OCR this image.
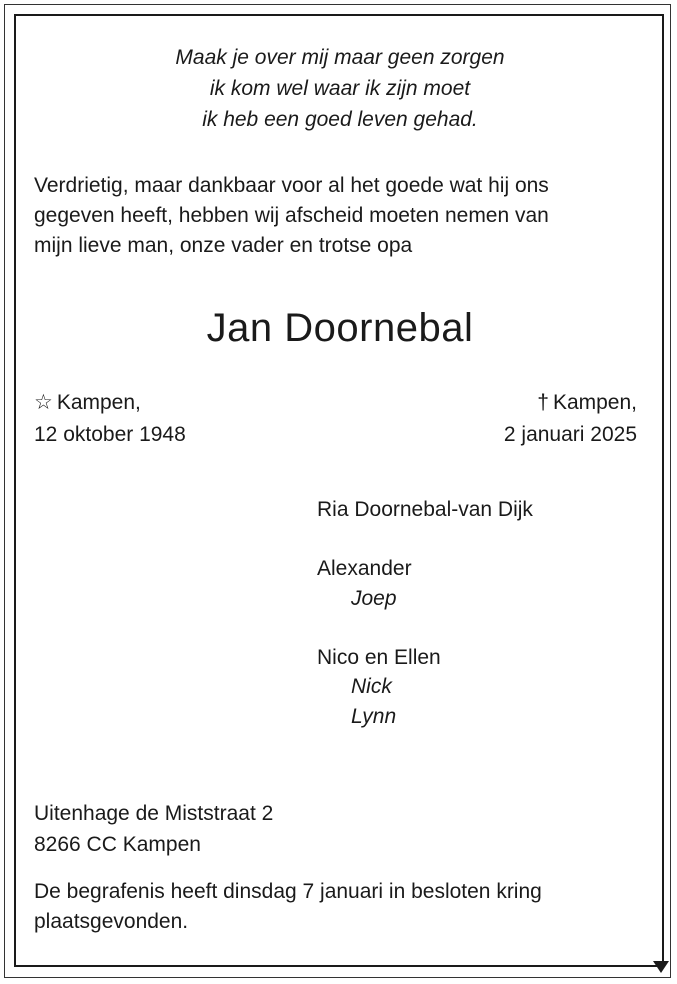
Maak je over mij maar geen zorgen
ik kom wel waar ik zijn moet
ik heb een goed leven gehad.
Verdrietig, maar dankbaar voor al het goede wat hij ons
gegeven heeft, hebben wij afscheid moeten nemen van
mijn lieve man, onze vader en trotse opa
Jan Doornebal
☆ Kampen,
12 oktober 1948
† Kampen,
2 januari 2025
Ria Doornebal-van Dijk
Alexander
Joep
Nico en Ellen
Nick
Lynn
Uitenhage de Miststraat 2
8266 CC Kampen
De begrafenis heeft dinsdag 7 januari in besloten kring
plaatsgevonden.
